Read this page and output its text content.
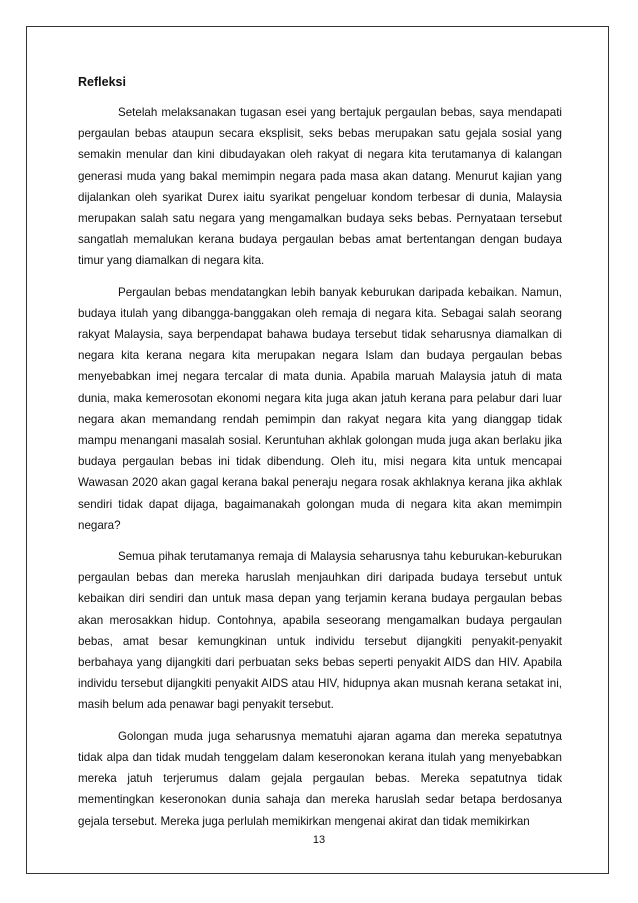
Refleksi

Setelah melaksanakan tugasan esei yang bertajuk pergaulan bebas, saya mendapati pergaulan bebas ataupun secara eksplisit, seks bebas merupakan satu gejala sosial yang semakin menular dan kini dibudayakan oleh rakyat di negara kita terutamanya di kalangan generasi muda yang bakal memimpin negara pada masa akan datang. Menurut kajian yang dijalankan oleh syarikat Durex iaitu syarikat pengeluar kondom terbesar di dunia, Malaysia merupakan salah satu negara yang mengamalkan budaya seks bebas. Pernyataan tersebut sangatlah memalukan kerana budaya pergaulan bebas amat bertentangan dengan budaya timur yang diamalkan di negara kita.

Pergaulan bebas mendatangkan lebih banyak keburukan daripada kebaikan. Namun, budaya itulah yang dibangga-banggakan oleh remaja di negara kita. Sebagai salah seorang rakyat Malaysia, saya berpendapat bahawa budaya tersebut tidak seharusnya diamalkan di negara kita kerana negara kita merupakan negara Islam dan budaya pergaulan bebas menyebabkan imej negara tercalar di mata dunia. Apabila maruah Malaysia jatuh di mata dunia, maka kemerosotan ekonomi negara kita juga akan jatuh kerana para pelabur dari luar negara akan memandang rendah pemimpin dan rakyat negara kita yang dianggap tidak mampu menangani masalah sosial. Keruntuhan akhlak golongan muda juga akan berlaku jika budaya pergaulan bebas ini tidak dibendung. Oleh itu, misi negara kita untuk mencapai Wawasan 2020 akan gagal kerana bakal peneraju negara rosak akhlaknya kerana jika akhlak sendiri tidak dapat dijaga, bagaimanakah golongan muda di negara kita akan memimpin negara?

Semua pihak terutamanya remaja di Malaysia seharusnya tahu keburukan-keburukan pergaulan bebas dan mereka haruslah menjauhkan diri daripada budaya tersebut untuk kebaikan diri sendiri dan untuk masa depan yang terjamin kerana budaya pergaulan bebas akan merosakkan hidup. Contohnya, apabila seseorang mengamalkan budaya pergaulan bebas, amat besar kemungkinan untuk individu tersebut dijangkiti penyakit-penyakit berbahaya yang dijangkiti dari perbuatan seks bebas seperti penyakit AIDS dan HIV. Apabila individu tersebut dijangkiti penyakit AIDS atau HIV, hidupnya akan musnah kerana setakat ini, masih belum ada penawar bagi penyakit tersebut.

Golongan muda juga seharusnya mematuhi ajaran agama dan mereka sepatutnya tidak alpa dan tidak mudah tenggelam dalam keseronokan kerana itulah yang menyebabkan mereka jatuh terjerumus dalam gejala pergaulan bebas. Mereka sepatutnya tidak mementingkan keseronokan dunia sahaja dan mereka haruslah sedar betapa berdosanya gejala tersebut. Mereka juga perlulah memikirkan mengenai akirat dan tidak memikirkan

13
